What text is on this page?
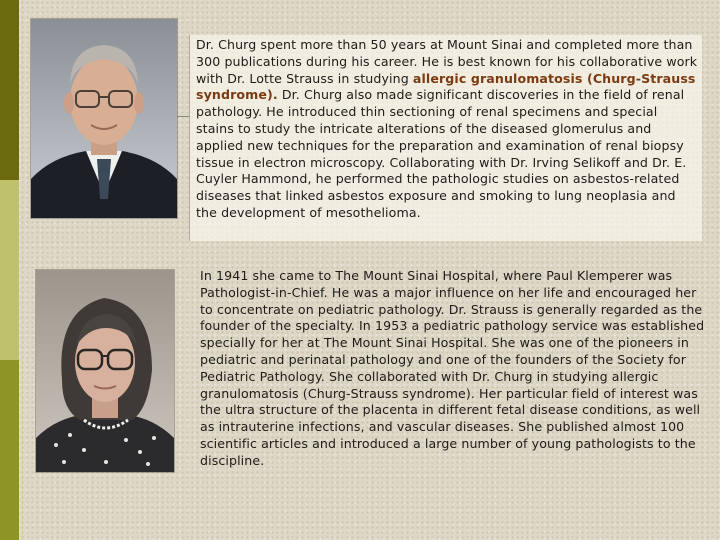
Dr. Churg spent more than 50 years at Mount Sinai and completed more than 300 publications during his career. He is best known for his collaborative work with Dr. Lotte Strauss in studying allergic granulomatosis (Churg-Strauss syndrome). Dr. Churg also made significant discoveries in the field of renal pathology. He introduced thin sectioning of renal specimens and special stains to study the intricate alterations of the diseased glomerulus and applied new techniques for the preparation and examination of renal biopsy tissue in electron microscopy. Collaborating with Dr. Irving Selikoff and Dr. E. Cuyler Hammond, he performed the pathologic studies on asbestos-related diseases that linked asbestos exposure and smoking to lung neoplasia and the development of mesothelioma.
In 1941 she came to The Mount Sinai Hospital, where Paul Klemperer was Pathologist-in-Chief. He was a major influence on her life and encouraged her to concentrate on pediatric pathology. Dr. Strauss is generally regarded as the founder of the specialty. In 1953 a pediatric pathology service was established specially for her at The Mount Sinai Hospital. She was one of the pioneers in pediatric and perinatal pathology and one of the founders of the Society for Pediatric Pathology. She collaborated with Dr. Churg in studying allergic granulomatosis (Churg-Strauss syndrome). Her particular field of interest was the ultra structure of the placenta in different fetal disease conditions, as well as intrauterine infections, and vascular diseases. She published almost 100 scientific articles and introduced a large number of young pathologists to the discipline.
